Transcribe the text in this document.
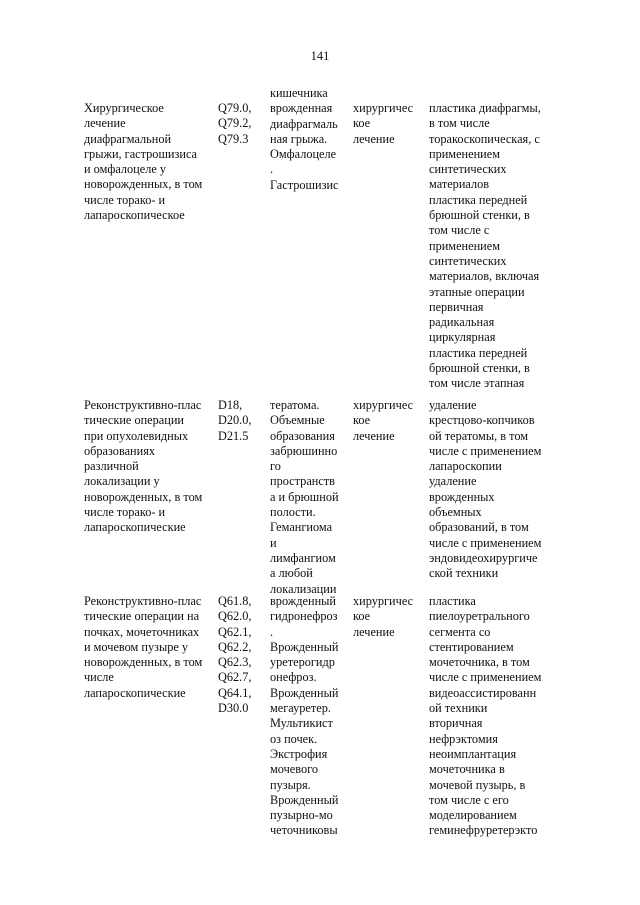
141
Хирургическое
лечение
диафрагмальной
грыжи, гастрошизиса
и омфалоцеле у
новорожденных, в том
числе торако- и
лапароскопическое
Q79.0,
Q79.2,
Q79.3
кишечника
врожденная
диафрагмаль
ная грыжа.
Омфалоцеле
.
Гастрошизис
хирургичес
кое
лечение
пластика диафрагмы,
в том числе
торакоскопическая, с
применением
синтетических
материалов
пластика передней
брюшной стенки, в
том числе с
применением
синтетических
материалов, включая
этапные операции
первичная
радикальная
циркулярная
пластика передней
брюшной стенки, в
том числе этапная
Реконструктивно-плас
тические операции
при опухолевидных
образованиях
различной
локализации у
новорожденных, в том
числе торако- и
лапароскопические
D18,
D20.0,
D21.5
тератома.
Объемные
образования
забрюшинно
го
пространств
а и брюшной
полости.
Гемангиома
и
лимфангиом
а любой
локализации
хирургичес
кое
лечение
удаление
крестцово-копчиков
ой тератомы, в том
числе с применением
лапароскопии
удаление
врожденных
объемных
образований, в том
числе с применением
эндовидеохирургиче
ской техники
Реконструктивно-плас
тические операции на
почках, мочеточниках
и мочевом пузыре у
новорожденных, в том
числе
лапароскопические
Q61.8,
Q62.0,
Q62.1,
Q62.2,
Q62.3,
Q62.7,
Q64.1,
D30.0
врожденный
гидронефроз
.
Врожденный
уретерогидр
онефроз.
Врожденный
мегауретер.
Мультикист
оз почек.
Экстрофия
мочевого
пузыря.
Врожденный
пузырно-мо
четочниковы
хирургичес
кое
лечение
пластика
пиелоуретрального
сегмента со
стентированием
мочеточника, в том
числе с применением
видеоассистированн
ой техники
вторичная
нефрэктомия
неоимплантация
мочеточника в
мочевой пузырь, в
том числе с его
моделированием
геминефруретерэкто
